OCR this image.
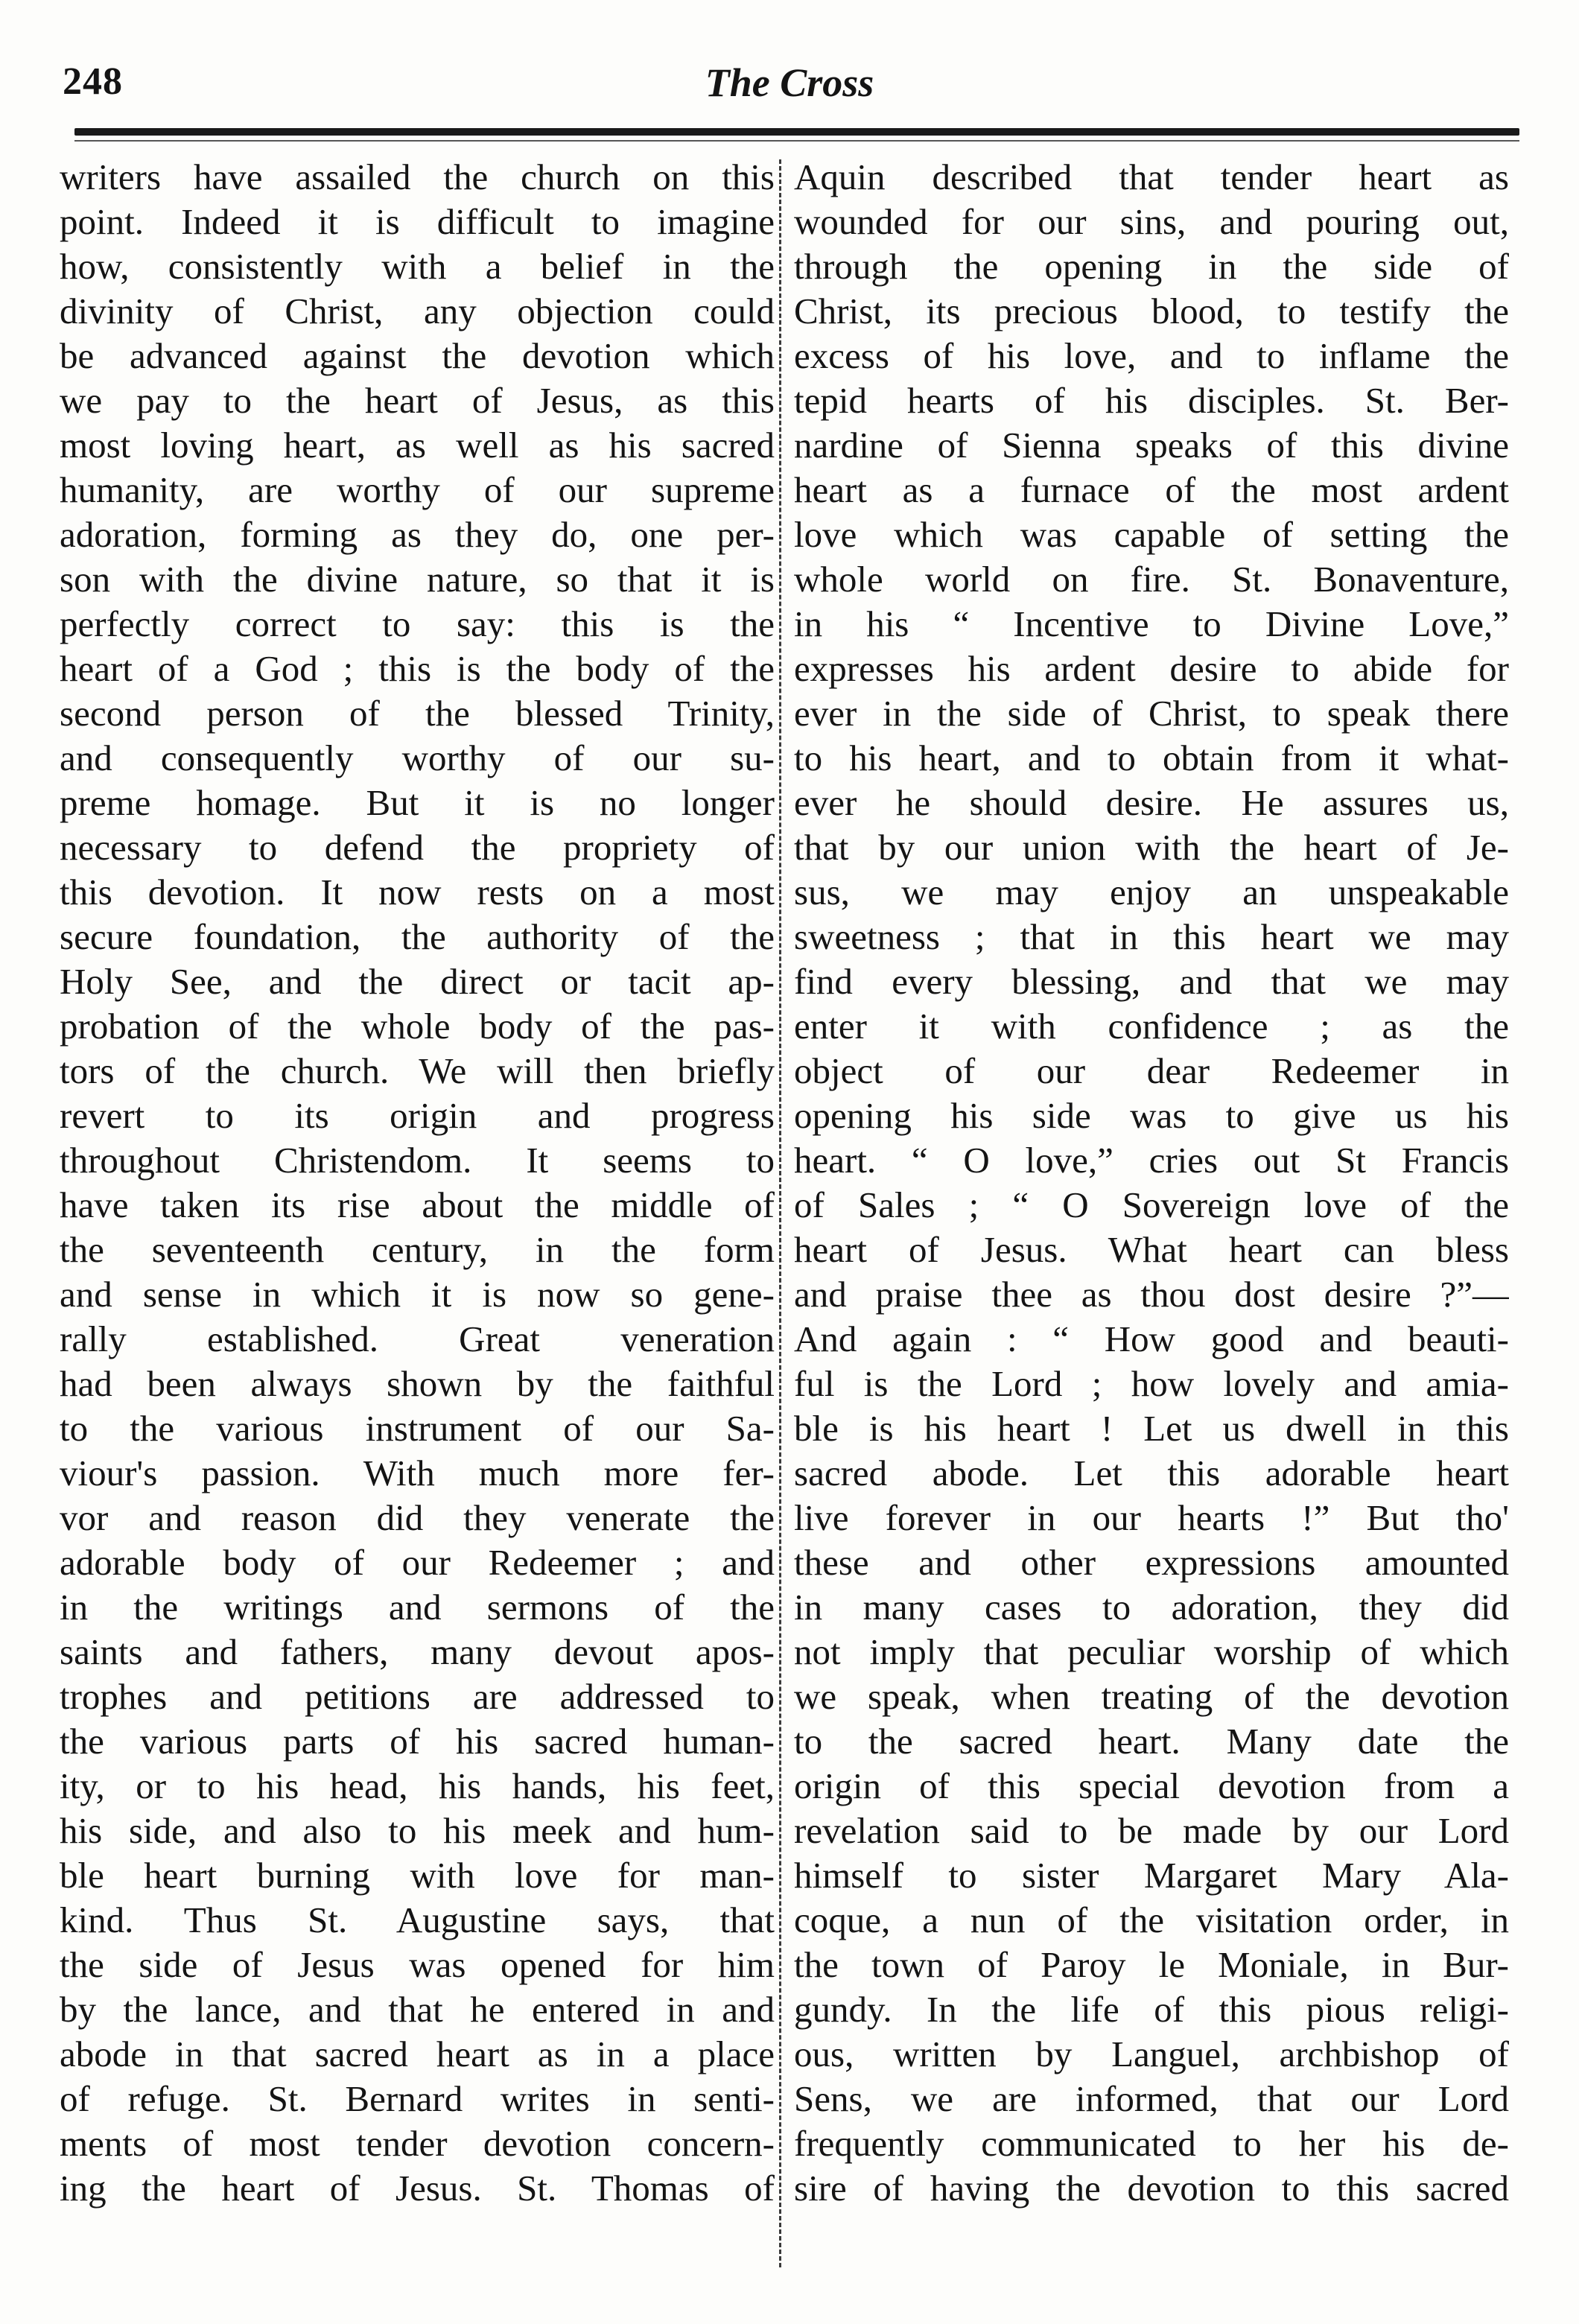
248	The Cross
writers have assailed the church on this
point. Indeed it is difficult to imagine
how, consistently with a belief in the
divinity of Christ, any objection could
be advanced against the devotion which
we pay to the heart of Jesus, as this
most loving heart, as well as his sacred
humanity, are worthy of our supreme
adoration, forming as they do, one per-
son with the divine nature, so that it is
perfectly correct to say: this is the
heart of a God ; this is the body of the
second person of the blessed Trinity,
and consequently worthy of our su-
preme homage. But it is no longer
necessary to defend the propriety of
this devotion. It now rests on a most
secure foundation, the authority of the
Holy See, and the direct or tacit ap-
probation of the whole body of the pas-
tors of the church. We will then briefly
revert to its origin and progress
throughout Christendom. It seems to
have taken its rise about the middle of
the seventeenth century, in the form
and sense in which it is now so gene-
rally established. Great veneration
had been always shown by the faithful
to the various instrument of our Sa-
viour's passion. With much more fer-
vor and reason did they venerate the
adorable body of our Redeemer ; and
in the writings and sermons of the
saints and fathers, many devout apos-
trophes and petitions are addressed to
the various parts of his sacred human-
ity, or to his head, his hands, his feet,
his side, and also to his meek and hum-
ble heart burning with love for man-
kind. Thus St. Augustine says, that
the side of Jesus was opened for him
by the lance, and that he entered in and
abode in that sacred heart as in a place
of refuge. St. Bernard writes in senti-
ments of most tender devotion concern-
ing the heart of Jesus. St. Thomas of
Aquin described that tender heart as
wounded for our sins, and pouring out,
through the opening in the side of
Christ, its precious blood, to testify the
excess of his love, and to inflame the
tepid hearts of his disciples. St. Ber-
nardine of Sienna speaks of this divine
heart as a furnace of the most ardent
love which was capable of setting the
whole world on fire. St. Bonaventure,
in his “ Incentive to Divine Love,”
expresses his ardent desire to abide for
ever in the side of Christ, to speak there
to his heart, and to obtain from it what-
ever he should desire. He assures us,
that by our union with the heart of Je-
sus, we may enjoy an unspeakable
sweetness ; that in this heart we may
find every blessing, and that we may
enter it with confidence ; as the
object of our dear Redeemer in
opening his side was to give us his
heart. “ O love,” cries out St Francis
of Sales ; “ O Sovereign love of the
heart of Jesus. What heart can bless
and praise thee as thou dost desire ?”—
And again : “ How good and beauti-
ful is the Lord ; how lovely and amia-
ble is his heart ! Let us dwell in this
sacred abode. Let this adorable heart
live forever in our hearts !” But tho'
these and other expressions amounted
in many cases to adoration, they did
not imply that peculiar worship of which
we speak, when treating of the devotion
to the sacred heart. Many date the
origin of this special devotion from a
revelation said to be made by our Lord
himself to sister Margaret Mary Ala-
coque, a nun of the visitation order, in
the town of Paroy le Moniale, in Bur-
gundy. In the life of this pious religi-
ous, written by Languel, archbishop of
Sens, we are informed, that our Lord
frequently communicated to her his de-
sire of having the devotion to this sacred
